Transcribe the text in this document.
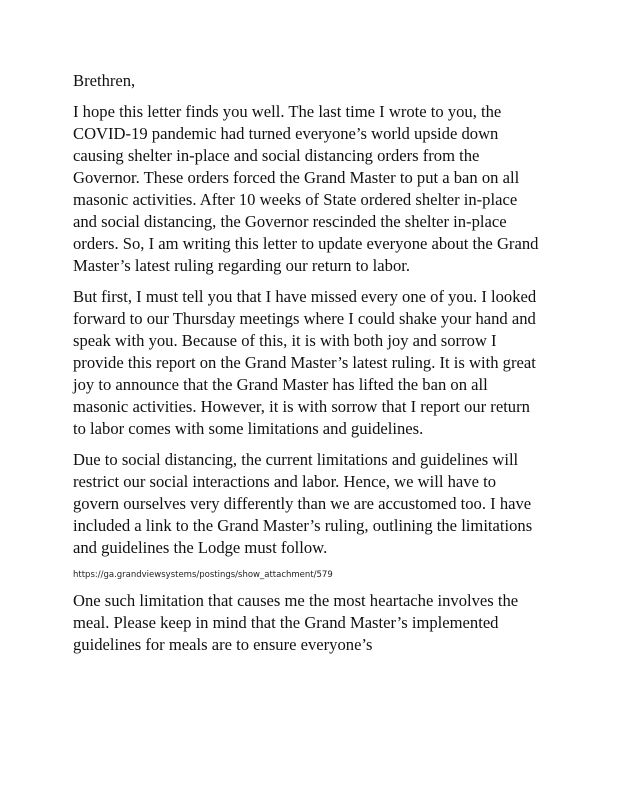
Brethren,

I hope this letter finds you well. The last time I wrote to you, the COVID-19 pandemic had turned everyone’s world upside down causing shelter in-place and social distancing orders from the Governor. These orders forced the Grand Master to put a ban on all masonic activities. After 10 weeks of State ordered shelter in-place and social distancing, the Governor rescinded the shelter in-place orders. So, I am writing this letter to update everyone about the Grand Master’s latest ruling regarding our return to labor.

But first, I must tell you that I have missed every one of you. I looked forward to our Thursday meetings where I could shake your hand and speak with you. Because of this, it is with both joy and sorrow I provide this report on the Grand Master’s latest ruling. It is with great joy to announce that the Grand Master has lifted the ban on all masonic activities. However, it is with sorrow that I report our return to labor comes with some limitations and guidelines.

Due to social distancing, the current limitations and guidelines will restrict our social interactions and labor. Hence, we will have to govern ourselves very differently than we are accustomed too. I have included a link to the Grand Master’s ruling, outlining the limitations and guidelines the Lodge must follow.

https://ga.grandviewsystems/postings/show_attachment/579

One such limitation that causes me the most heartache involves the meal. Please keep in mind that the Grand Master’s implemented guidelines for meals are to ensure everyone’s
